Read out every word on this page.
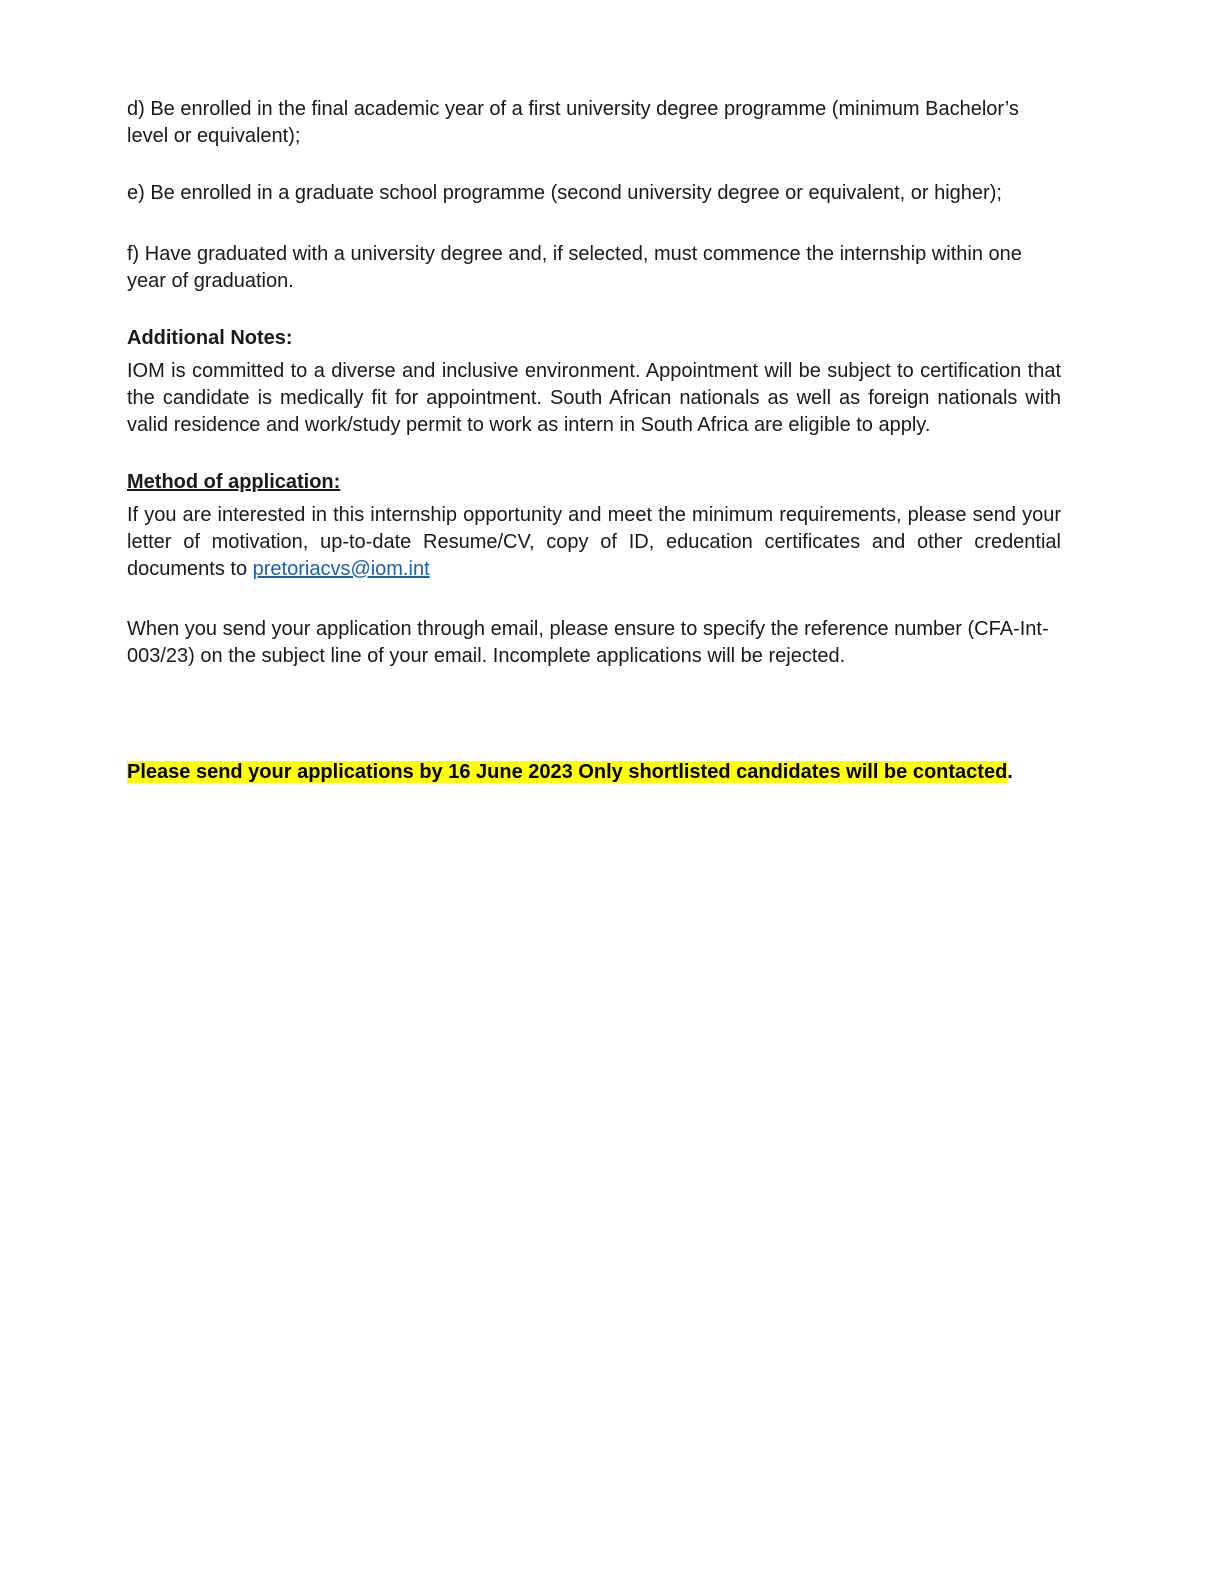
d) Be enrolled in the final academic year of a first university degree programme (minimum Bachelor’s level or equivalent);

e) Be enrolled in a graduate school programme (second university degree or equivalent, or higher);

f) Have graduated with a university degree and, if selected, must commence the internship within one year of graduation.

Additional Notes:

IOM is committed to a diverse and inclusive environment. Appointment will be subject to certification that the candidate is medically fit for appointment. South African nationals as well as foreign nationals with valid residence and work/study permit to work as intern in South Africa are eligible to apply.

Method of application:

If you are interested in this internship opportunity and meet the minimum requirements, please send your letter of motivation, up-to-date Resume/CV, copy of ID, education certificates and other credential documents to pretoriacvs@iom.int

When you send your application through email, please ensure to specify the reference number (CFA-Int-003/23) on the subject line of your email. Incomplete applications will be rejected.

Please send your applications by 16 June 2023 Only shortlisted candidates will be contacted.
